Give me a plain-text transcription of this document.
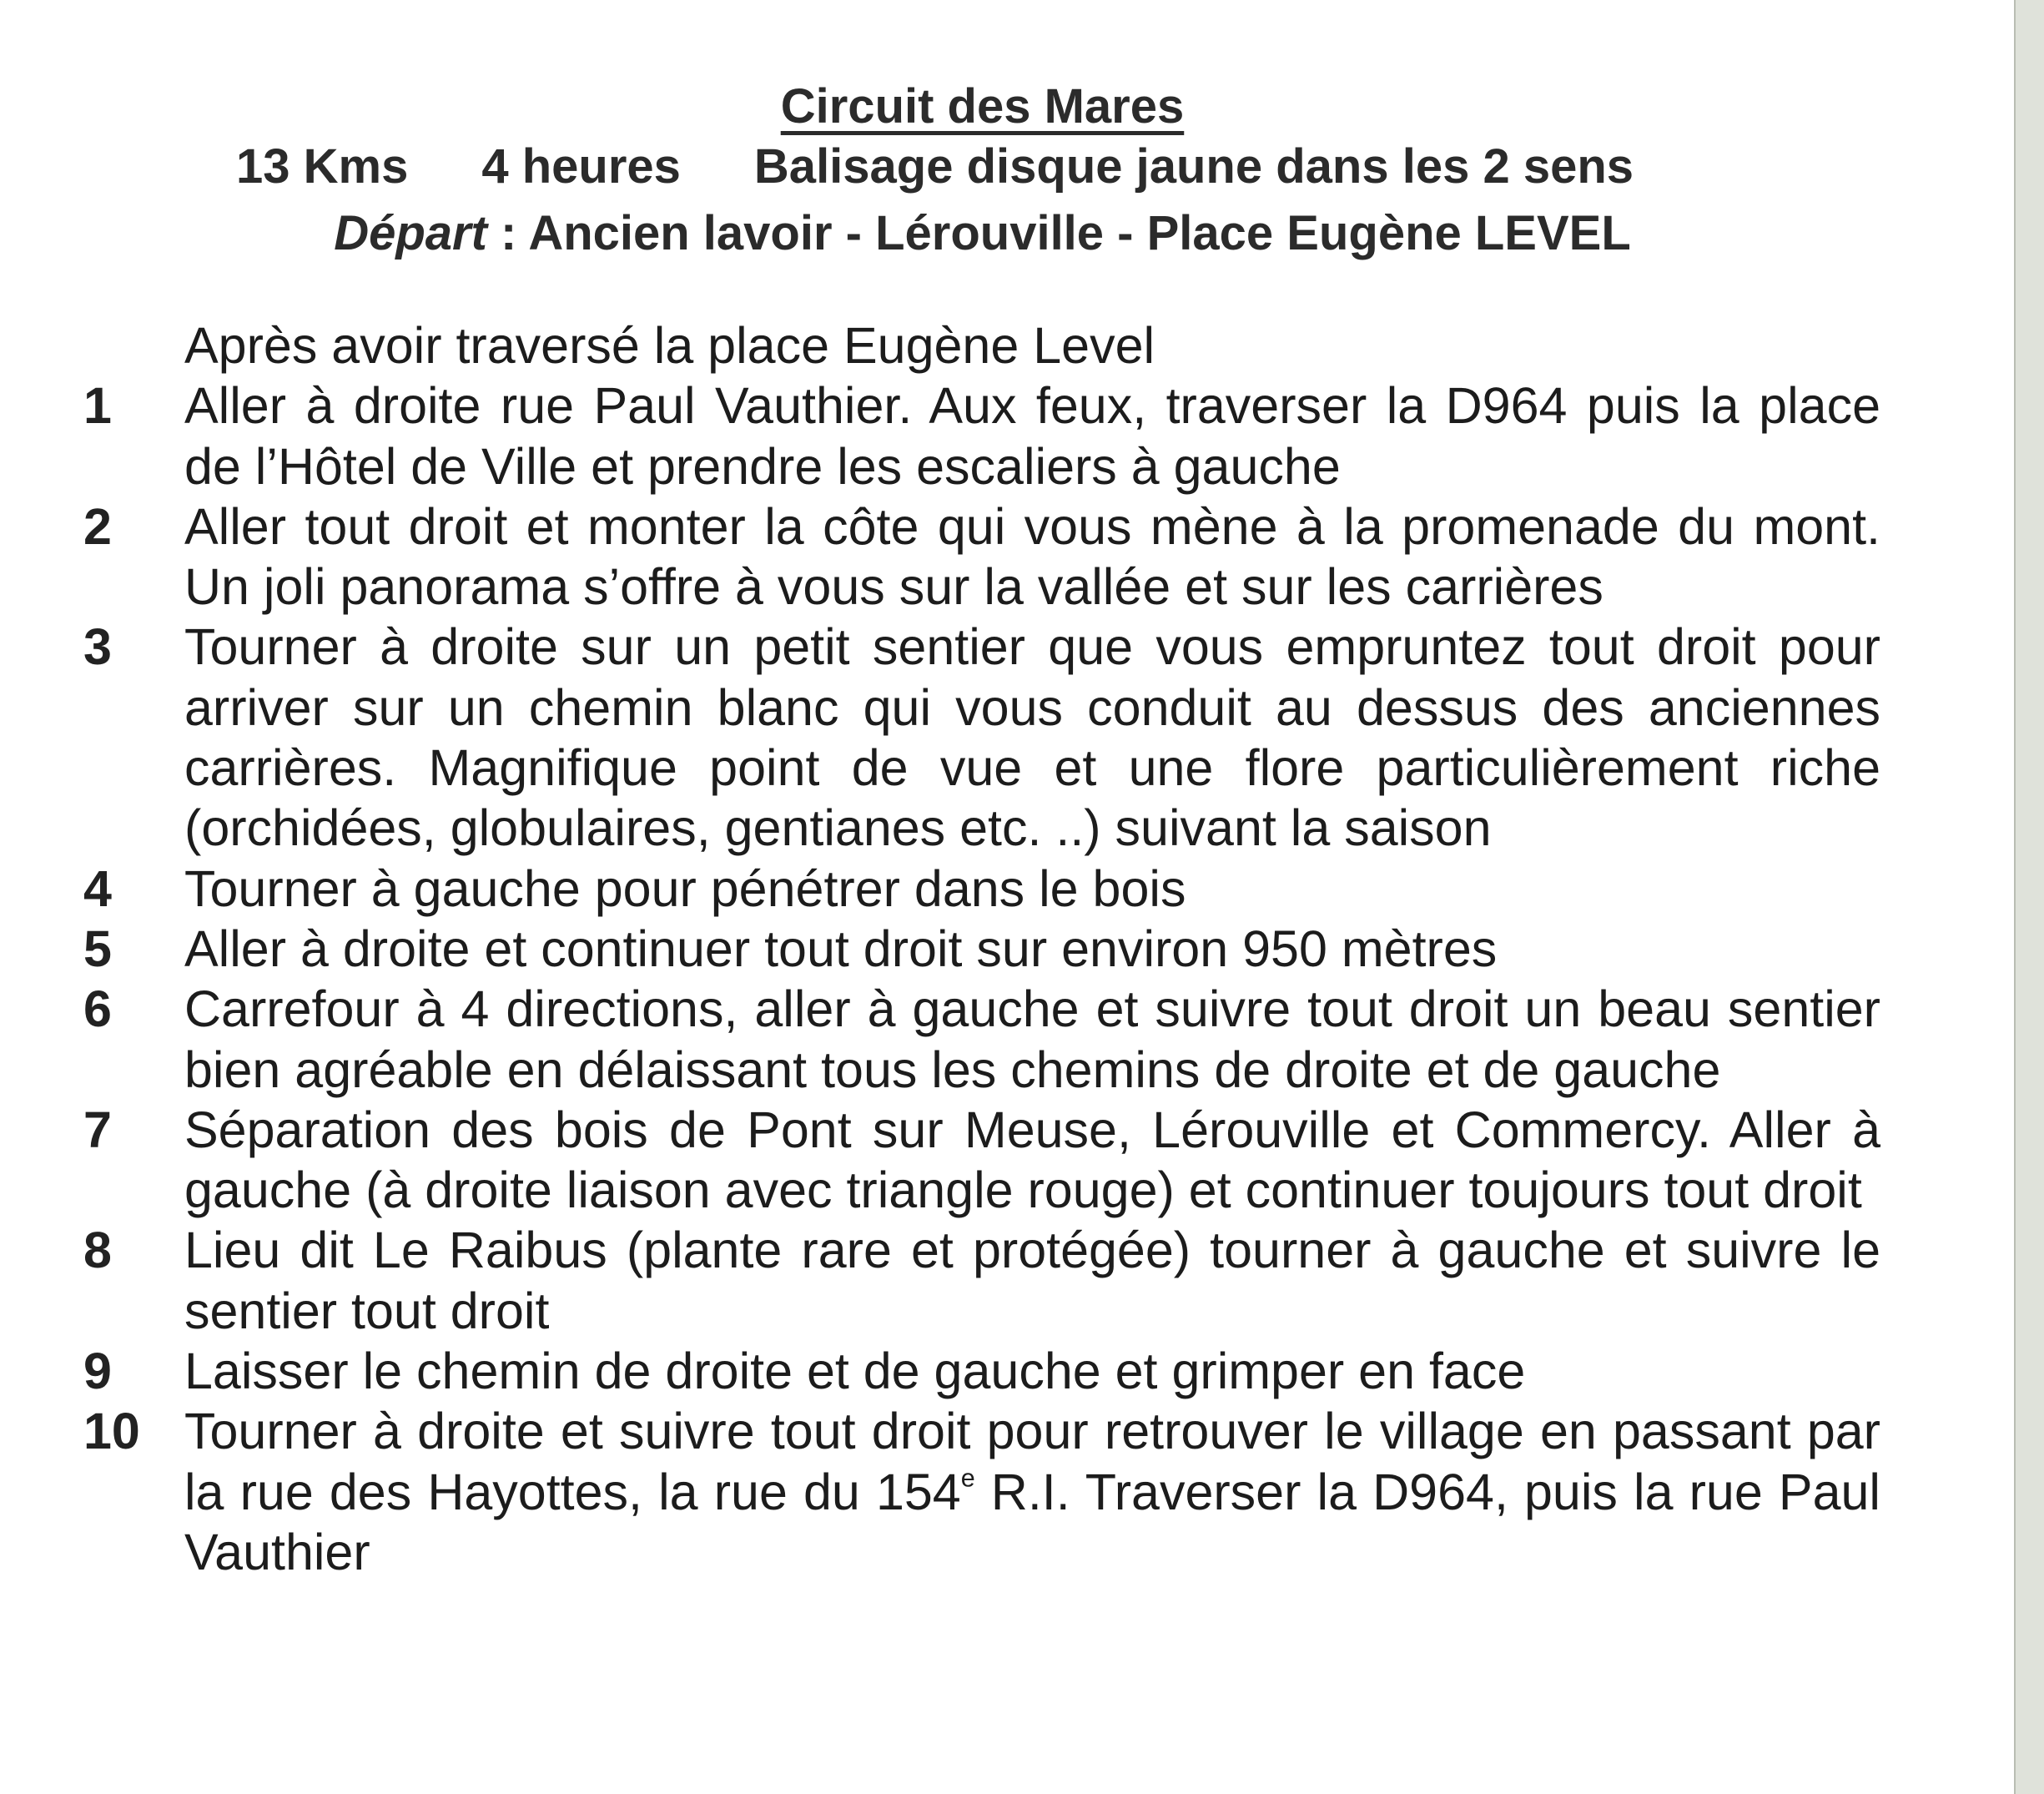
Circuit des Mares
13 Kms 4 heures Balisage disque jaune dans les 2 sens
Départ : Ancien lavoir - Lérouville - Place Eugène LEVEL
Après avoir traversé la place Eugène Level
1	Aller à droite rue Paul Vauthier. Aux feux, traverser la D964 puis la place de l’Hôtel de Ville et prendre les escaliers à gauche
2	Aller tout droit et monter la côte qui vous mène à la promenade du mont. Un joli panorama s’offre à vous sur la vallée et sur les carrières
3	Tourner à droite sur un petit sentier que vous empruntez tout droit pour arriver sur un chemin blanc qui vous conduit au dessus des anciennes carrières. Magnifique point de vue et une flore particulièrement riche (orchidées, globulaires, gentianes etc. ..) suivant la saison
4	Tourner à gauche pour pénétrer dans le bois
5	Aller à droite et continuer tout droit sur environ 950 mètres
6	Carrefour à 4 directions, aller à gauche et suivre tout droit un beau sentier bien agréable en délaissant tous les chemins de droite et de gauche
7	Séparation des bois de Pont sur Meuse, Lérouville et Commercy. Aller à gauche (à droite liaison avec triangle rouge) et continuer toujours tout droit
8	Lieu dit Le Raibus (plante rare et protégée) tourner à gauche et suivre le sentier tout droit
9	Laisser le chemin de droite et de gauche et grimper en face
10 Tourner à droite et suivre tout droit pour retrouver le village en passant par la rue des Hayottes, la rue du 154e R.I. Traverser la D964, puis la rue Paul Vauthier
